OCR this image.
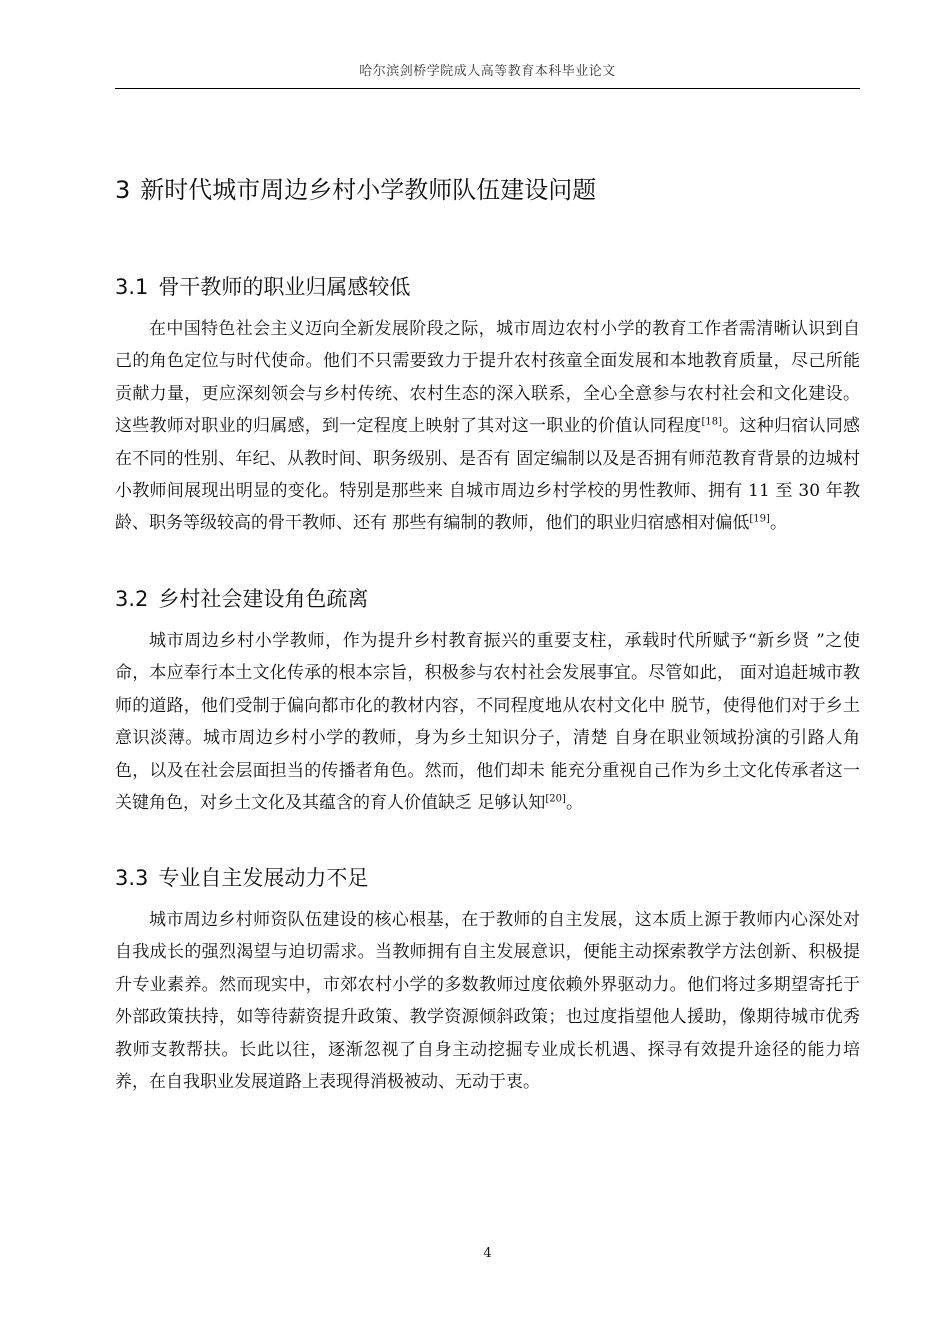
哈尔滨剑桥学院成人高等教育本科毕业论文
3 新时代城市周边乡村小学教师队伍建设问题
3.1 骨干教师的职业归属感较低

在中国特色社会主义迈向全新发展阶段之际，城市周边农村小学的教育工作者需清晰认识到自己的角色定位与时代使命。他们不只需要致力于提升农村孩童全面发展和本地教育质量，尽己所能贡献力量，更应深刻领会与乡村传统、农村生态的深入联系，全心全意参与农村社会和文化建设。这些教师对职业的归属感，到一定程度上映射了其对这一职业的价值认同程度[18]。这种归宿认同感在不同的性别、年纪、从教时间、职务级别、是否有 固定编制以及是否拥有师范教育背景的边城村小教师间展现出明显的变化。特别是那些来 自城市周边乡村学校的男性教师、拥有 11 至 30 年教龄、职务等级较高的骨干教师、还有 那些有编制的教师，他们的职业归宿感相对偏低[19]。

3.2 乡村社会建设角色疏离

城市周边乡村小学教师，作为提升乡村教育振兴的重要支柱，承载时代所赋予“新乡贤 ”之使命，本应奉行本土文化传承的根本宗旨，积极参与农村社会发展事宜。尽管如此， 面对追赶城市教师的道路，他们受制于偏向都市化的教材内容，不同程度地从农村文化中 脱节，使得他们对于乡土意识淡薄。城市周边乡村小学的教师，身为乡土知识分子，清楚 自身在职业领域扮演的引路人角色，以及在社会层面担当的传播者角色。然而，他们却未 能充分重视自己作为乡土文化传承者这一关键角色，对乡土文化及其蕴含的育人价值缺乏 足够认知[20]。

3.3 专业自主发展动力不足

城市周边乡村师资队伍建设的核心根基，在于教师的自主发展，这本质上源于教师内心深处对自我成长的强烈渴望与迫切需求。当教师拥有自主发展意识，便能主动探索教学方法创新、积极提升专业素养。然而现实中，市郊农村小学的多数教师过度依赖外界驱动力。他们将过多期望寄托于外部政策扶持，如等待薪资提升政策、教学资源倾斜政策；也过度指望他人援助，像期待城市优秀教师支教帮扶。长此以往，逐渐忽视了自身主动挖掘专业成长机遇、探寻有效提升途径的能力培养，在自我职业发展道路上表现得消极被动、无动于衷。

4
